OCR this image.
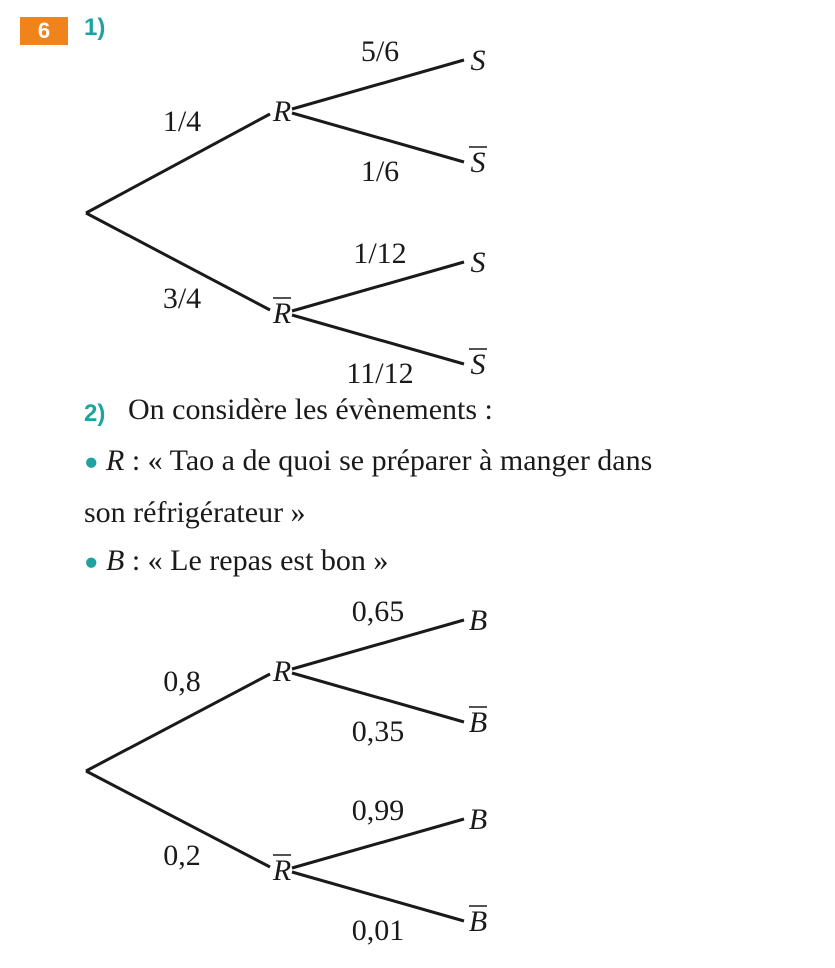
6	1)
1/4 R
5/6 S
1/6 S
3/4 R
1/12 S
11/12 S
2) On considère les évènements :
● R : « Tao a de quoi se préparer à manger dans
son réfrigérateur »
● B : « Le repas est bon »
0,8 R
0,65 B
0,35 B
0,2 R
0,99 B
0,01 B
